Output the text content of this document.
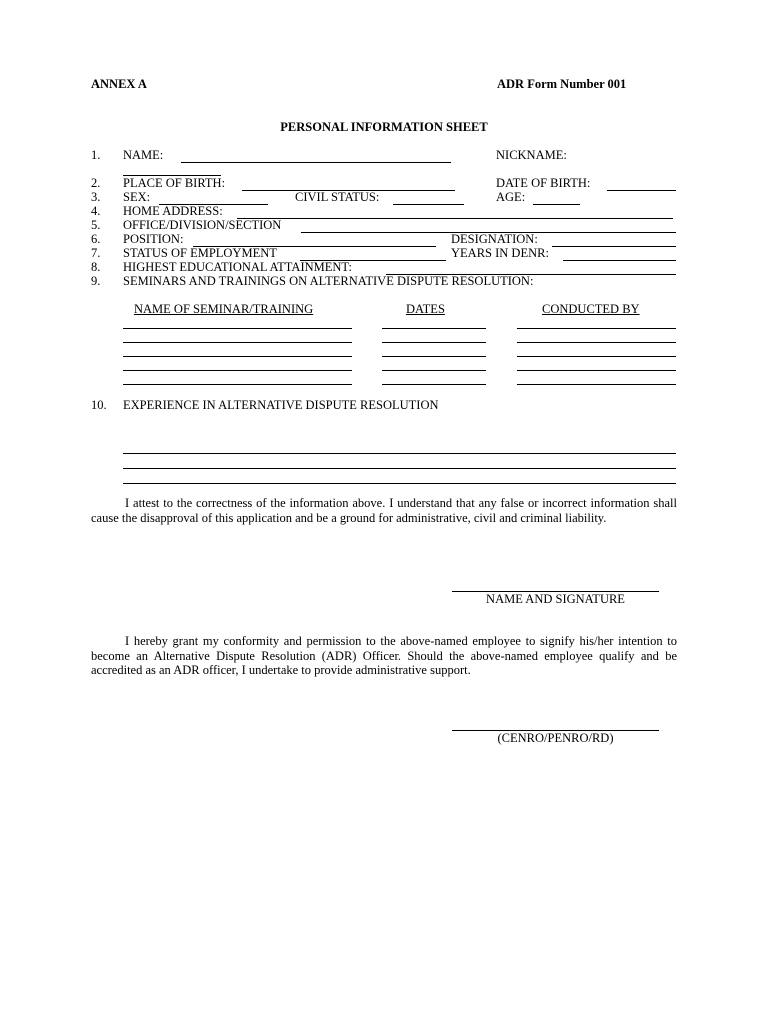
ANNEX A	ADR Form Number 001
PERSONAL INFORMATION SHEET
1. NAME:	NICKNAME:
2. PLACE OF BIRTH:	DATE OF BIRTH:
3. SEX:	CIVIL STATUS:	AGE:
4. HOME ADDRESS:
5. OFFICE/DIVISION/SECTION
6. POSITION:	DESIGNATION:
7. STATUS OF EMPLOYMENT	YEARS IN DENR:
8. HIGHEST EDUCATIONAL ATTAINMENT:
9. SEMINARS AND TRAININGS ON ALTERNATIVE DISPUTE RESOLUTION:
NAME OF SEMINAR/TRAINING	DATES	CONDUCTED BY
10. EXPERIENCE IN ALTERNATIVE DISPUTE RESOLUTION
I attest to the correctness of the information above. I understand that any false or incorrect information shall cause the disapproval of this application and be a ground for administrative, civil and criminal liability.
NAME AND SIGNATURE
I hereby grant my conformity and permission to the above-named employee to signify his/her intention to become an Alternative Dispute Resolution (ADR) Officer. Should the above-named employee qualify and be accredited as an ADR officer, I undertake to provide administrative support.
(CENRO/PENRO/RD)
